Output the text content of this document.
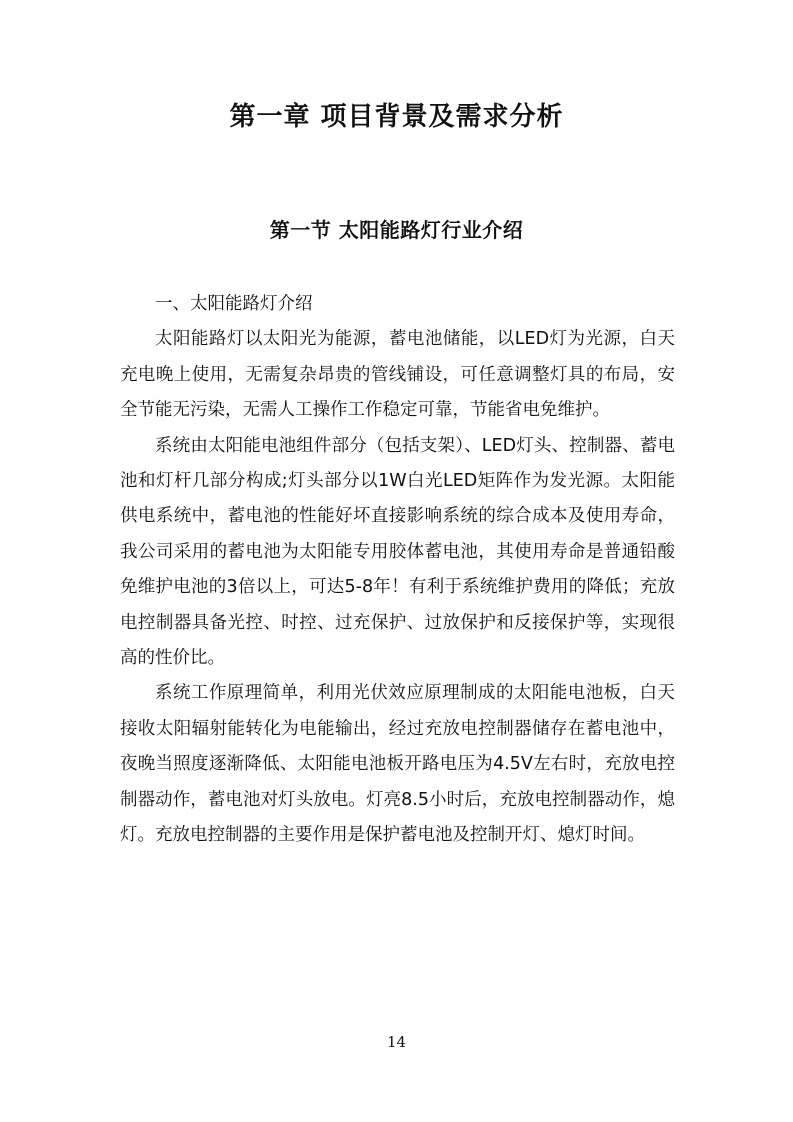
第一章 项目背景及需求分析
第一节 太阳能路灯行业介绍

一、太阳能路灯介绍

太阳能路灯以太阳光为能源，蓄电池储能，以LED灯为光源，白天充电晚上使用，无需复杂昂贵的管线铺设，可任意调整灯具的布局，安全节能无污染，无需人工操作工作稳定可靠，节能省电免维护。

系统由太阳能电池组件部分（包括支架）、LED灯头、控制器、蓄电池和灯杆几部分构成;灯头部分以1W白光LED矩阵作为发光源。太阳能供电系统中，蓄电池的性能好坏直接影响系统的综合成本及使用寿命，我公司采用的蓄电池为太阳能专用胶体蓄电池，其使用寿命是普通铅酸免维护电池的3倍以上，可达5-8年！有利于系统维护费用的降低；充放电控制器具备光控、时控、过充保护、过放保护和反接保护等，实现很高的性价比。

系统工作原理简单，利用光伏效应原理制成的太阳能电池板，白天接收太阳辐射能转化为电能输出，经过充放电控制器储存在蓄电池中，夜晚当照度逐渐降低、太阳能电池板开路电压为4.5V左右时，充放电控制器动作，蓄电池对灯头放电。灯亮8.5小时后，充放电控制器动作，熄灯。充放电控制器的主要作用是保护蓄电池及控制开灯、熄灯时间。

14
